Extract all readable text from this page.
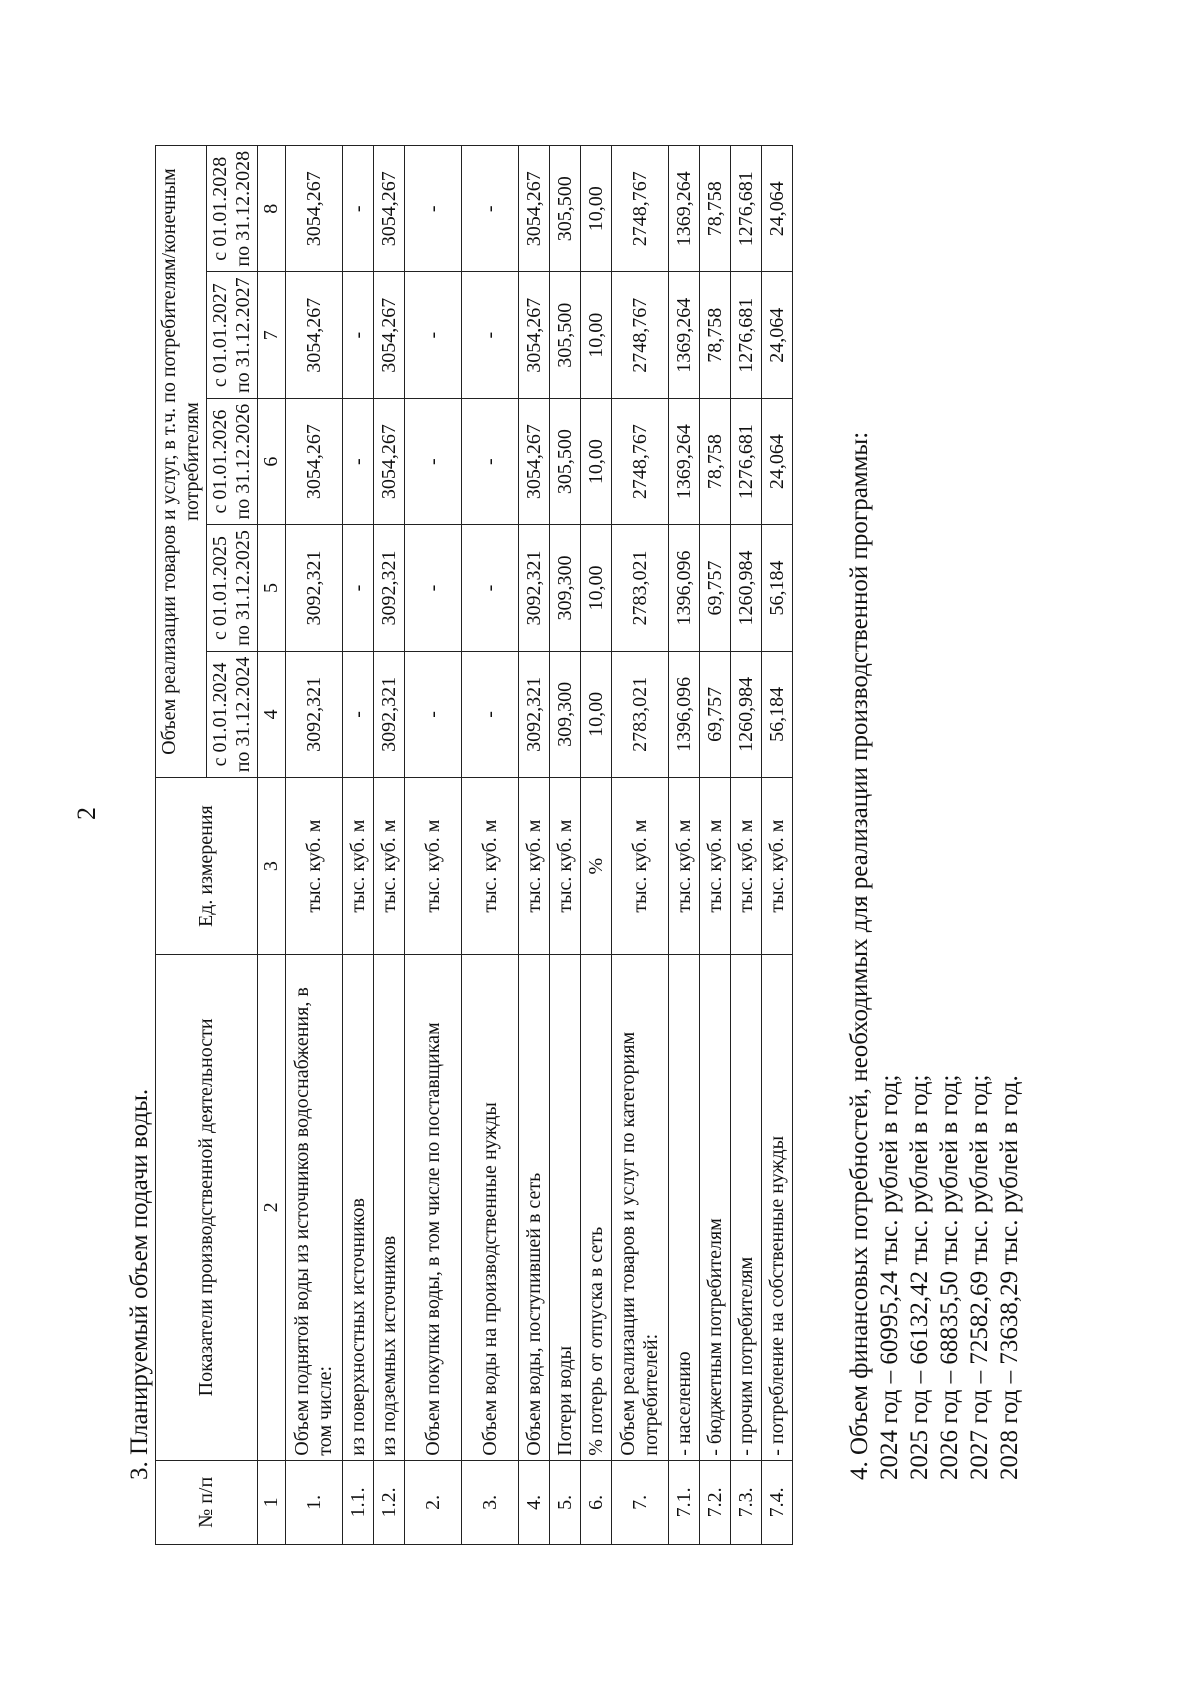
2
3. Планируемый объем подачи воды.
№ п/п	Показатели производственной деятельности	Ед. измерения	Объем реализации товаров и услуг, в т.ч. по потребителям/конечным потребителям				
			с 01.01.2024 по 31.12.2024	с 01.01.2025 по 31.12.2025	с 01.01.2026 по 31.12.2026	с 01.01.2027 по 31.12.2027	с 01.01.2028 по 31.12.2028
1	2	3	4	5	6	7	8
1.	Объем поднятой воды из источников водоснабжения, в том числе:	тыс. куб. м	3092,321	3092,321	3054,267	3054,267	3054,267
1.1.	из поверхностных источников	тыс. куб. м	-	-	-	-	-
1.2.	из подземных источников	тыс. куб. м	3092,321	3092,321	3054,267	3054,267	3054,267
2.	Объем покупки воды, в том числе по поставщикам	тыс. куб. м	-	-	-	-	-
3.	Объем воды на производственные нужды	тыс. куб. м	-	-	-	-	-
4.	Объем воды, поступившей в сеть	тыс. куб. м	3092,321	3092,321	3054,267	3054,267	3054,267
5.	Потери воды	тыс. куб. м	309,300	309,300	305,500	305,500	305,500
6.	% потерь от отпуска в сеть	%	10,00	10,00	10,00	10,00	10,00
7.	Объем реализации товаров и услуг по категориям потребителей:	тыс. куб. м	2783,021	2783,021	2748,767	2748,767	2748,767
7.1.	- населению	тыс. куб. м	1396,096	1396,096	1369,264	1369,264	1369,264
7.2.	- бюджетным потребителям	тыс. куб. м	69,757	69,757	78,758	78,758	78,758
7.3.	- прочим потребителям	тыс. куб. м	1260,984	1260,984	1276,681	1276,681	1276,681
7.4.	- потребление на собственные нужды	тыс. куб. м	56,184	56,184	24,064	24,064	24,064
4. Объем финансовых потребностей, необходимых для реализации производственной программы: 2024 год – 60995,24 тыс. рублей в год; 2025 год – 66132,42 тыс. рублей в год; 2026 год – 68835,50 тыс. рублей в год; 2027 год – 72582,69 тыс. рублей в год; 2028 год – 73638,29 тыс. рублей в год.
